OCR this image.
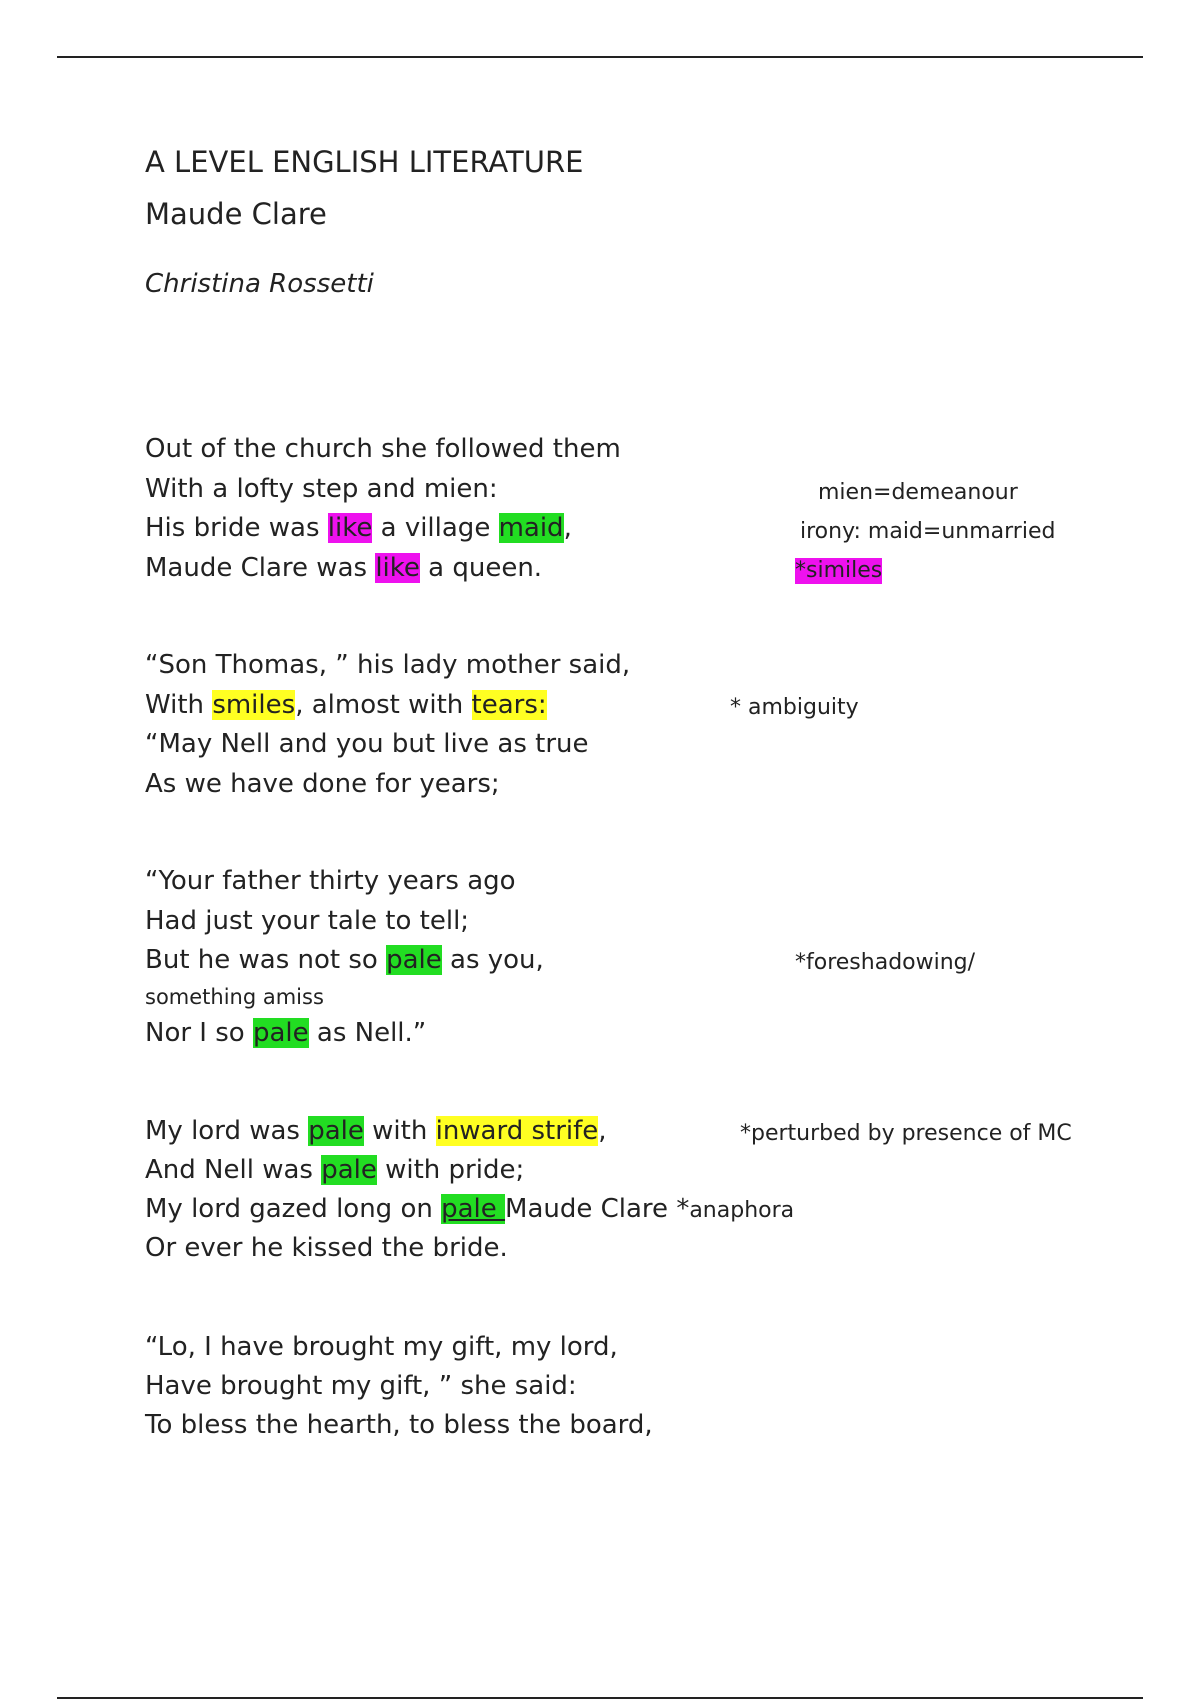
A LEVEL ENGLISH LITERATURE
Maude Clare
Christina Rossetti
Out of the church she followed them
With a lofty step and mien:
His bride was like a village maid,
Maude Clare was like a queen.
mien=demeanour
irony: maid=unmarried
*similes
“Son Thomas, ” his lady mother said,
With smiles, almost with tears:
“May Nell and you but live as true
As we have done for years;
* ambiguity
“Your father thirty years ago
Had just your tale to tell;
But he was not so pale as you,
something amiss
Nor I so pale as Nell.”
*foreshadowing/
My lord was pale with inward strife,
And Nell was pale with pride;
My lord gazed long on pale Maude Clare *anaphora
Or ever he kissed the bride.
*perturbed by presence of MC
“Lo, I have brought my gift, my lord,
Have brought my gift, ” she said:
To bless the hearth, to bless the board,
